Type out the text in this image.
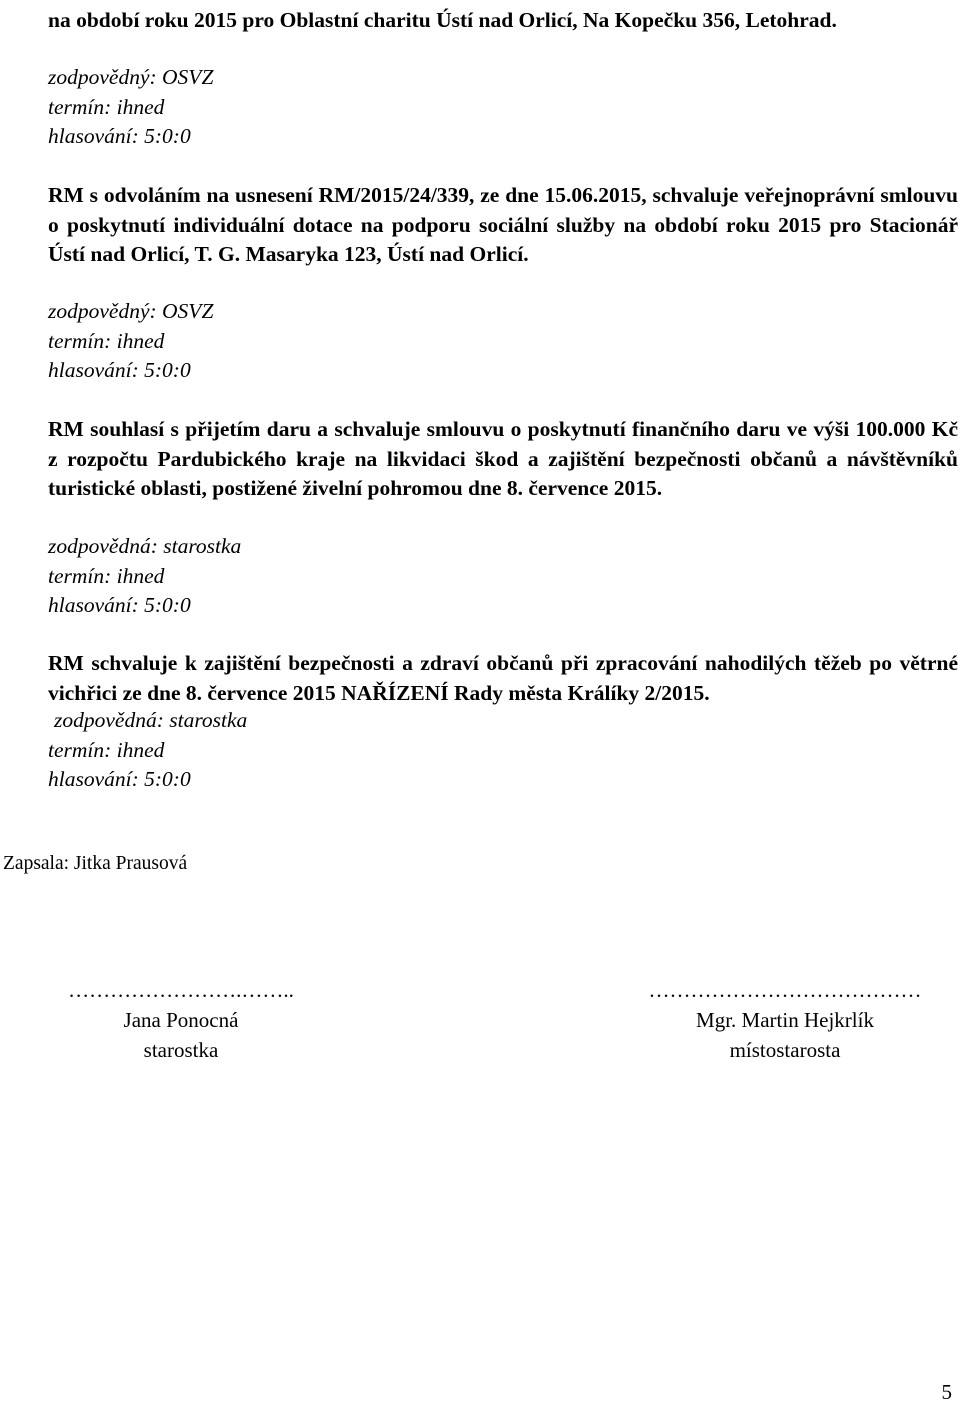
na období roku 2015 pro Oblastní charitu Ústí nad Orlicí, Na Kopečku 356, Letohrad.
zodpovědný: OSVZ
termín: ihned
hlasování: 5:0:0
RM s odvoláním na usnesení RM/2015/24/339, ze dne 15.06.2015, schvaluje veřejnoprávní smlouvu o poskytnutí individuální dotace na podporu sociální služby na období roku 2015 pro Stacionář Ústí nad Orlicí, T. G. Masaryka 123, Ústí nad Orlicí.
zodpovědný: OSVZ
termín: ihned
hlasování: 5:0:0
RM souhlasí s přijetím daru a schvaluje smlouvu o poskytnutí finančního daru ve výši 100.000 Kč z rozpočtu Pardubického kraje na likvidaci škod a zajištění bezpečnosti občanů a návštěvníků turistické oblasti, postižené živelní pohromou dne 8. července 2015.
zodpovědná: starostka
termín: ihned
hlasování: 5:0:0
RM schvaluje k zajištění bezpečnosti a zdraví občanů při zpracování nahodilých těžeb po větrné vichřici ze dne 8. července 2015 NAŘÍZENÍ Rady města Králíky 2/2015.
zodpovědná: starostka
termín: ihned
hlasování: 5:0:0
Zapsala: Jitka Prausová
…………………….……..
Jana Ponocná
starostka
…………………………………
Mgr. Martin Hejkrlík
místostarosta
5
